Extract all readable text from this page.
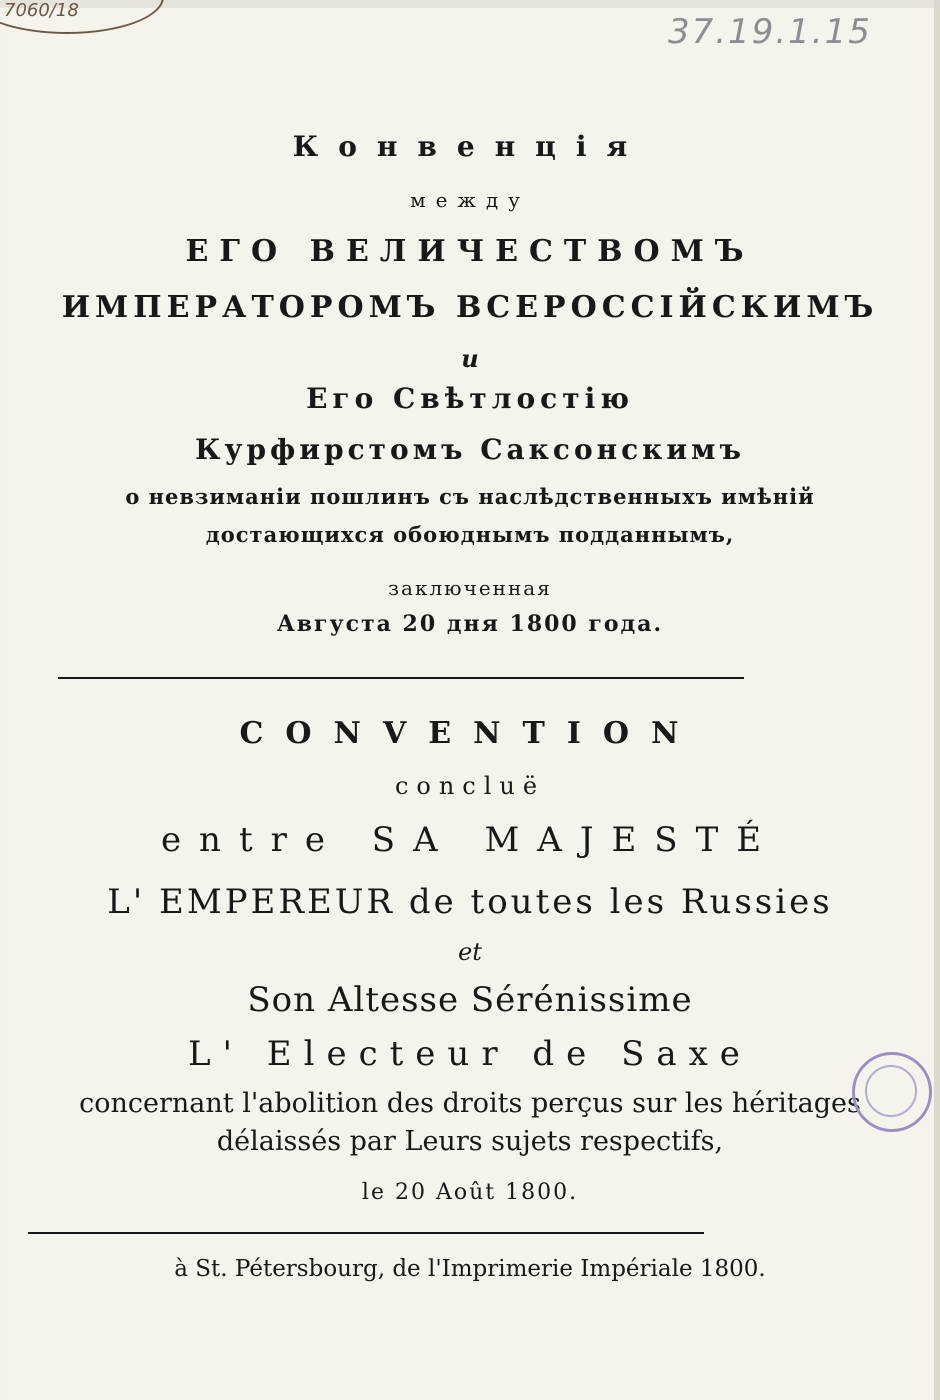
7060/18
37.19.1.15
Конвенція
между
ЕГО ВЕЛИЧЕСТВОМЪ
ИМПЕРАТОРОМЪ ВСЕРОССІЙСКИМЪ
и
Его Свѣтлостію
Курфирстомъ Саксонскимъ
о невзиманіи пошлинъ съ наслѣдственныхъ имѣній
достающихся обоюднымъ подданнымъ,
заключенная
Августа 20 дня 1800 года.
CONVENTION
concluë
entre SA MAJESTÉ
L' EMPEREUR de toutes les Russies
et
Son Altesse Sérénissime
L' Electeur de Saxe
concernant l'abolition des droits perçus sur les héritages
délaissés par Leurs sujets respectifs,
le 20 Août 1800.
à St. Pétersbourg, de l'Imprimerie Impériale 1800.
